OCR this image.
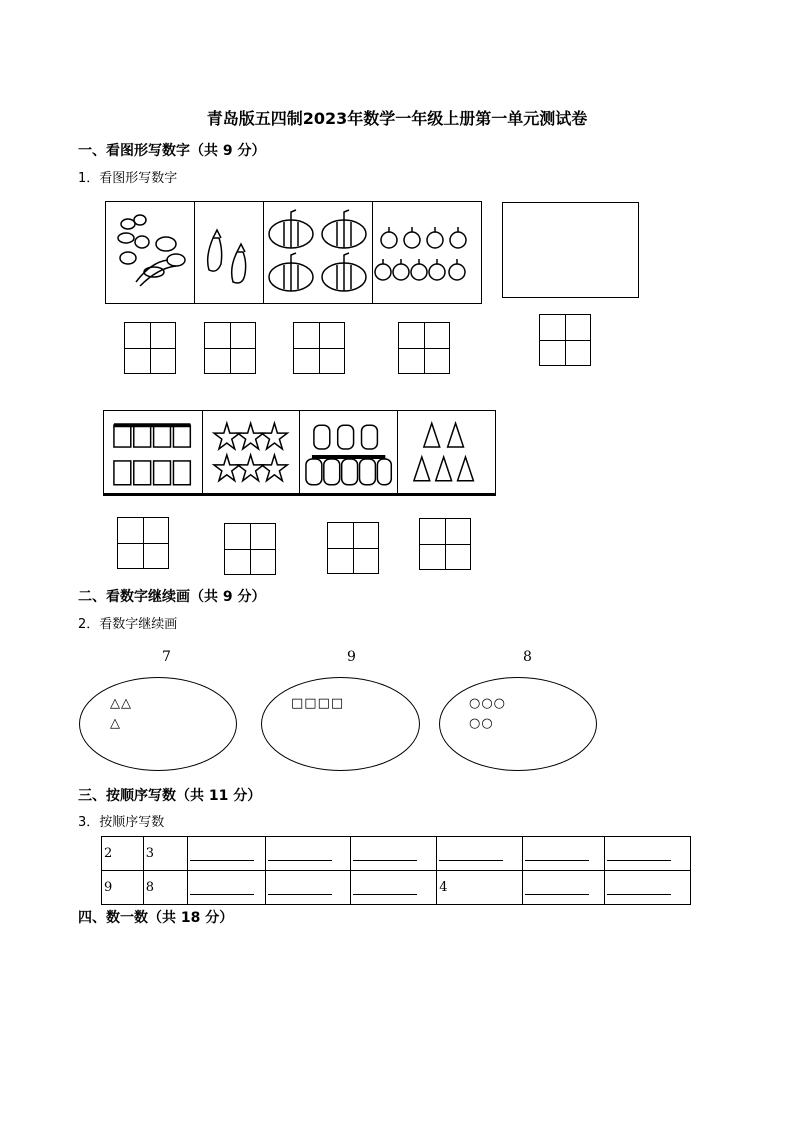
青岛版五四制2023年数学一年级上册第一单元测试卷
一、看图形写数字（共 9 分）
1．看图形写数字
二、看数字继续画（共 9 分）
2．看数字继续画
7	9	8
△△
△
□□□□	○○○
○○
三、按顺序写数（共 11 分）
3．按顺序写数
2	3						
9	8				4		
四、数一数（共 18 分）
